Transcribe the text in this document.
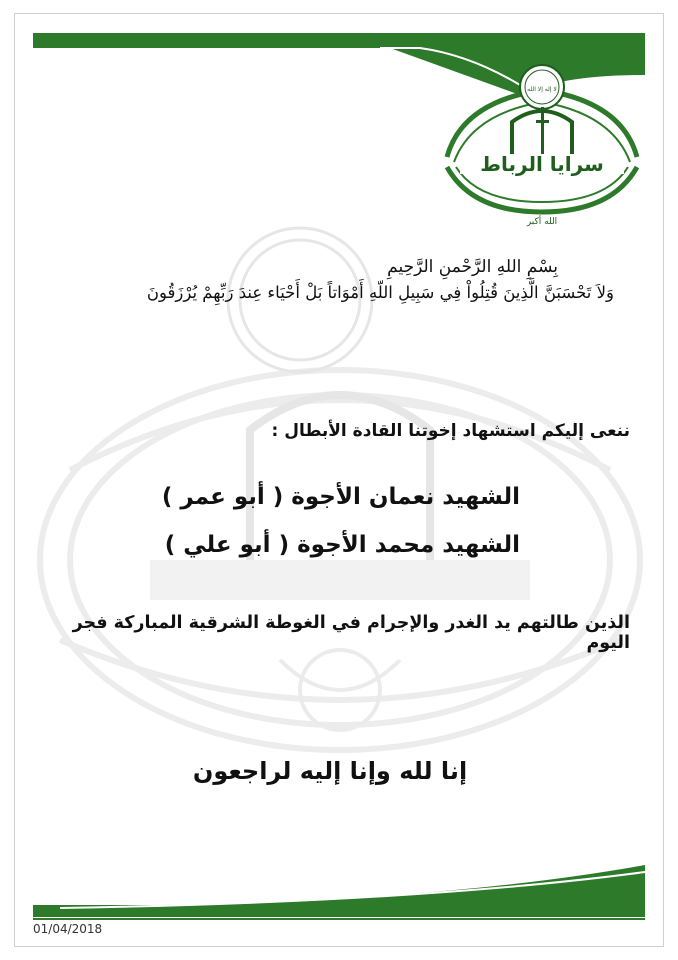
لا إله إلا الله
سرايا الرباط
الله أكبر
بِسْمِ اللهِ الرَّحْمنِ الرَّحِيمِ
وَلاَ تَحْسَبَنَّ الَّذِينَ قُتِلُواْ فِي سَبِيلِ اللّهِ أَمْوَاتاً بَلْ أَحْيَاء عِندَ رَبِّهِمْ يُرْزَقُونَ
ننعى إليكم استشهاد إخوتنا القادة الأبطال :
الشهيد نعمان الأجوة ( أبو عمر )
الشهيد محمد الأجوة ( أبو علي )
الذين طالتهم يد الغدر والإجرام في الغوطة الشرقية المباركة فجر اليوم
إنا لله وإنا إليه لراجعون
01/04/2018
